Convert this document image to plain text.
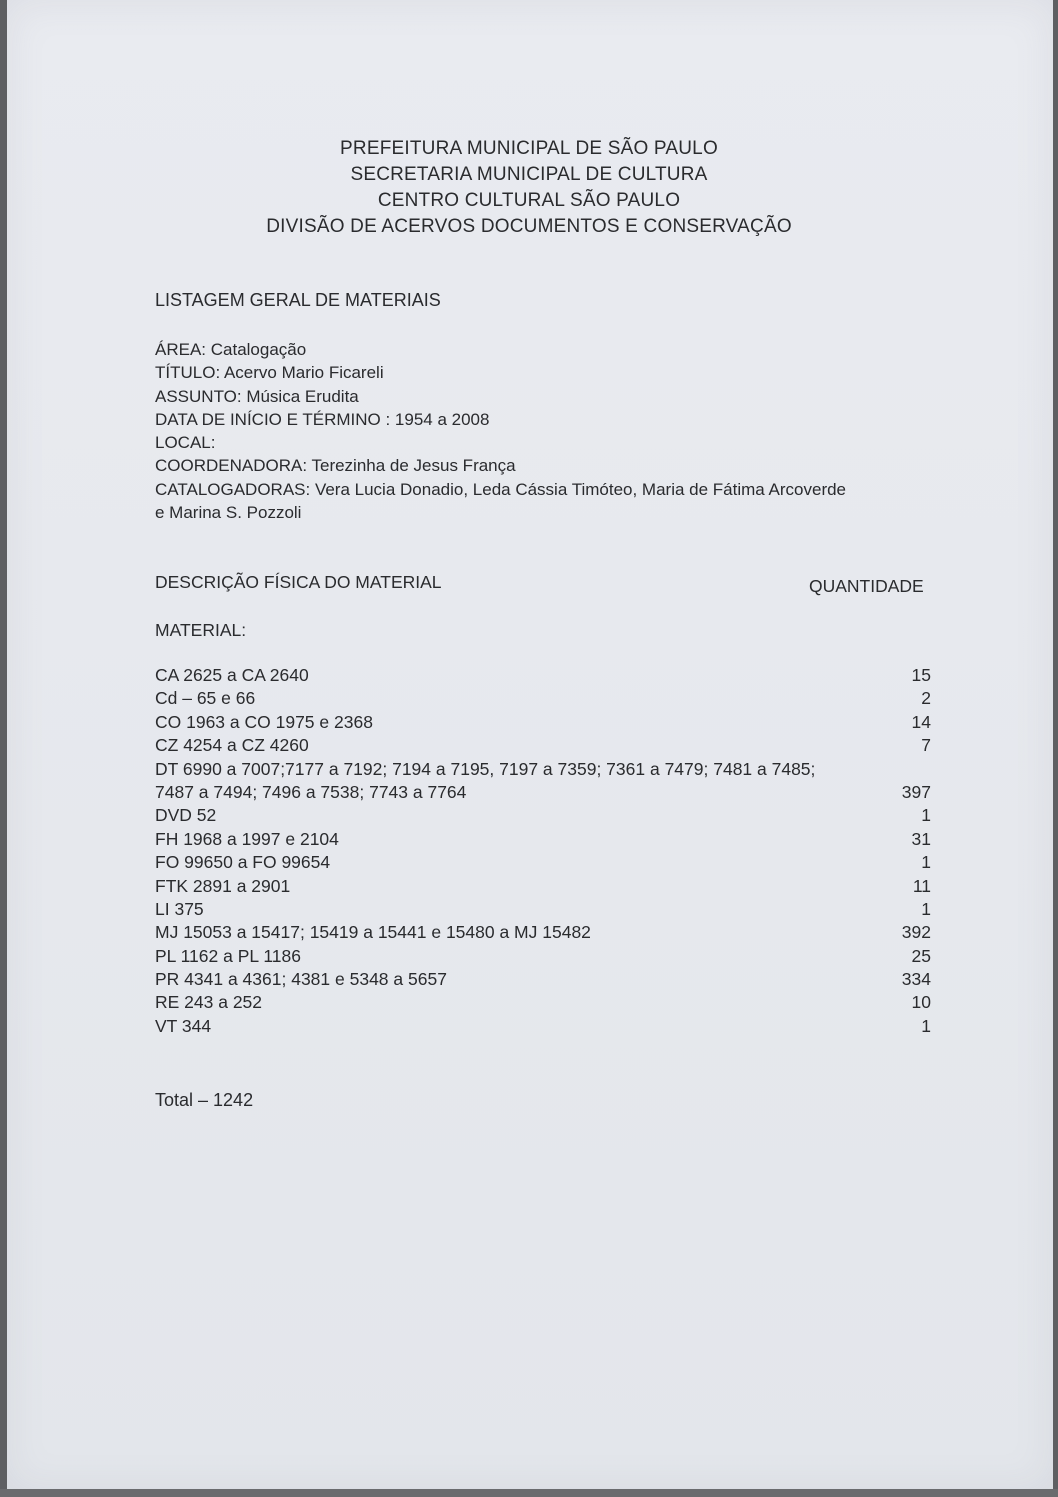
PREFEITURA MUNICIPAL DE SÃO PAULO
SECRETARIA MUNICIPAL DE CULTURA
CENTRO CULTURAL SÃO PAULO
DIVISÃO DE ACERVOS DOCUMENTOS E CONSERVAÇÃO
LISTAGEM GERAL DE MATERIAIS
ÁREA: Catalogação
TÍTULO: Acervo Mario Ficareli
ASSUNTO: Música Erudita
DATA DE INÍCIO E TÉRMINO : 1954 a 2008
LOCAL:
COORDENADORA: Terezinha de Jesus França
CATALOGADORAS: Vera Lucia Donadio, Leda Cássia Timóteo, Maria de Fátima Arcoverde
e Marina S. Pozzoli
DESCRIÇÃO FÍSICA DO MATERIAL	QUANTIDADE
MATERIAL:
CA 2625 a CA 2640	15
Cd – 65 e 66	2
CO 1963 a CO 1975 e 2368	14
CZ 4254 a CZ 4260	7
DT 6990 a 7007;7177 a 7192; 7194 a 7195, 7197 a 7359; 7361 a 7479; 7481 a 7485;
7487 a 7494; 7496 a 7538; 7743 a 7764	397
DVD 52	1
FH 1968 a 1997 e 2104	31
FO 99650 a FO 99654	1
FTK 2891 a 2901	11
LI 375	1
MJ 15053 a 15417; 15419 a 15441 e 15480 a MJ 15482	392
PL 1162 a PL 1186	25
PR 4341 a 4361; 4381 e 5348 a 5657	334
RE 243 a 252	10
VT 344	1
Total – 1242
